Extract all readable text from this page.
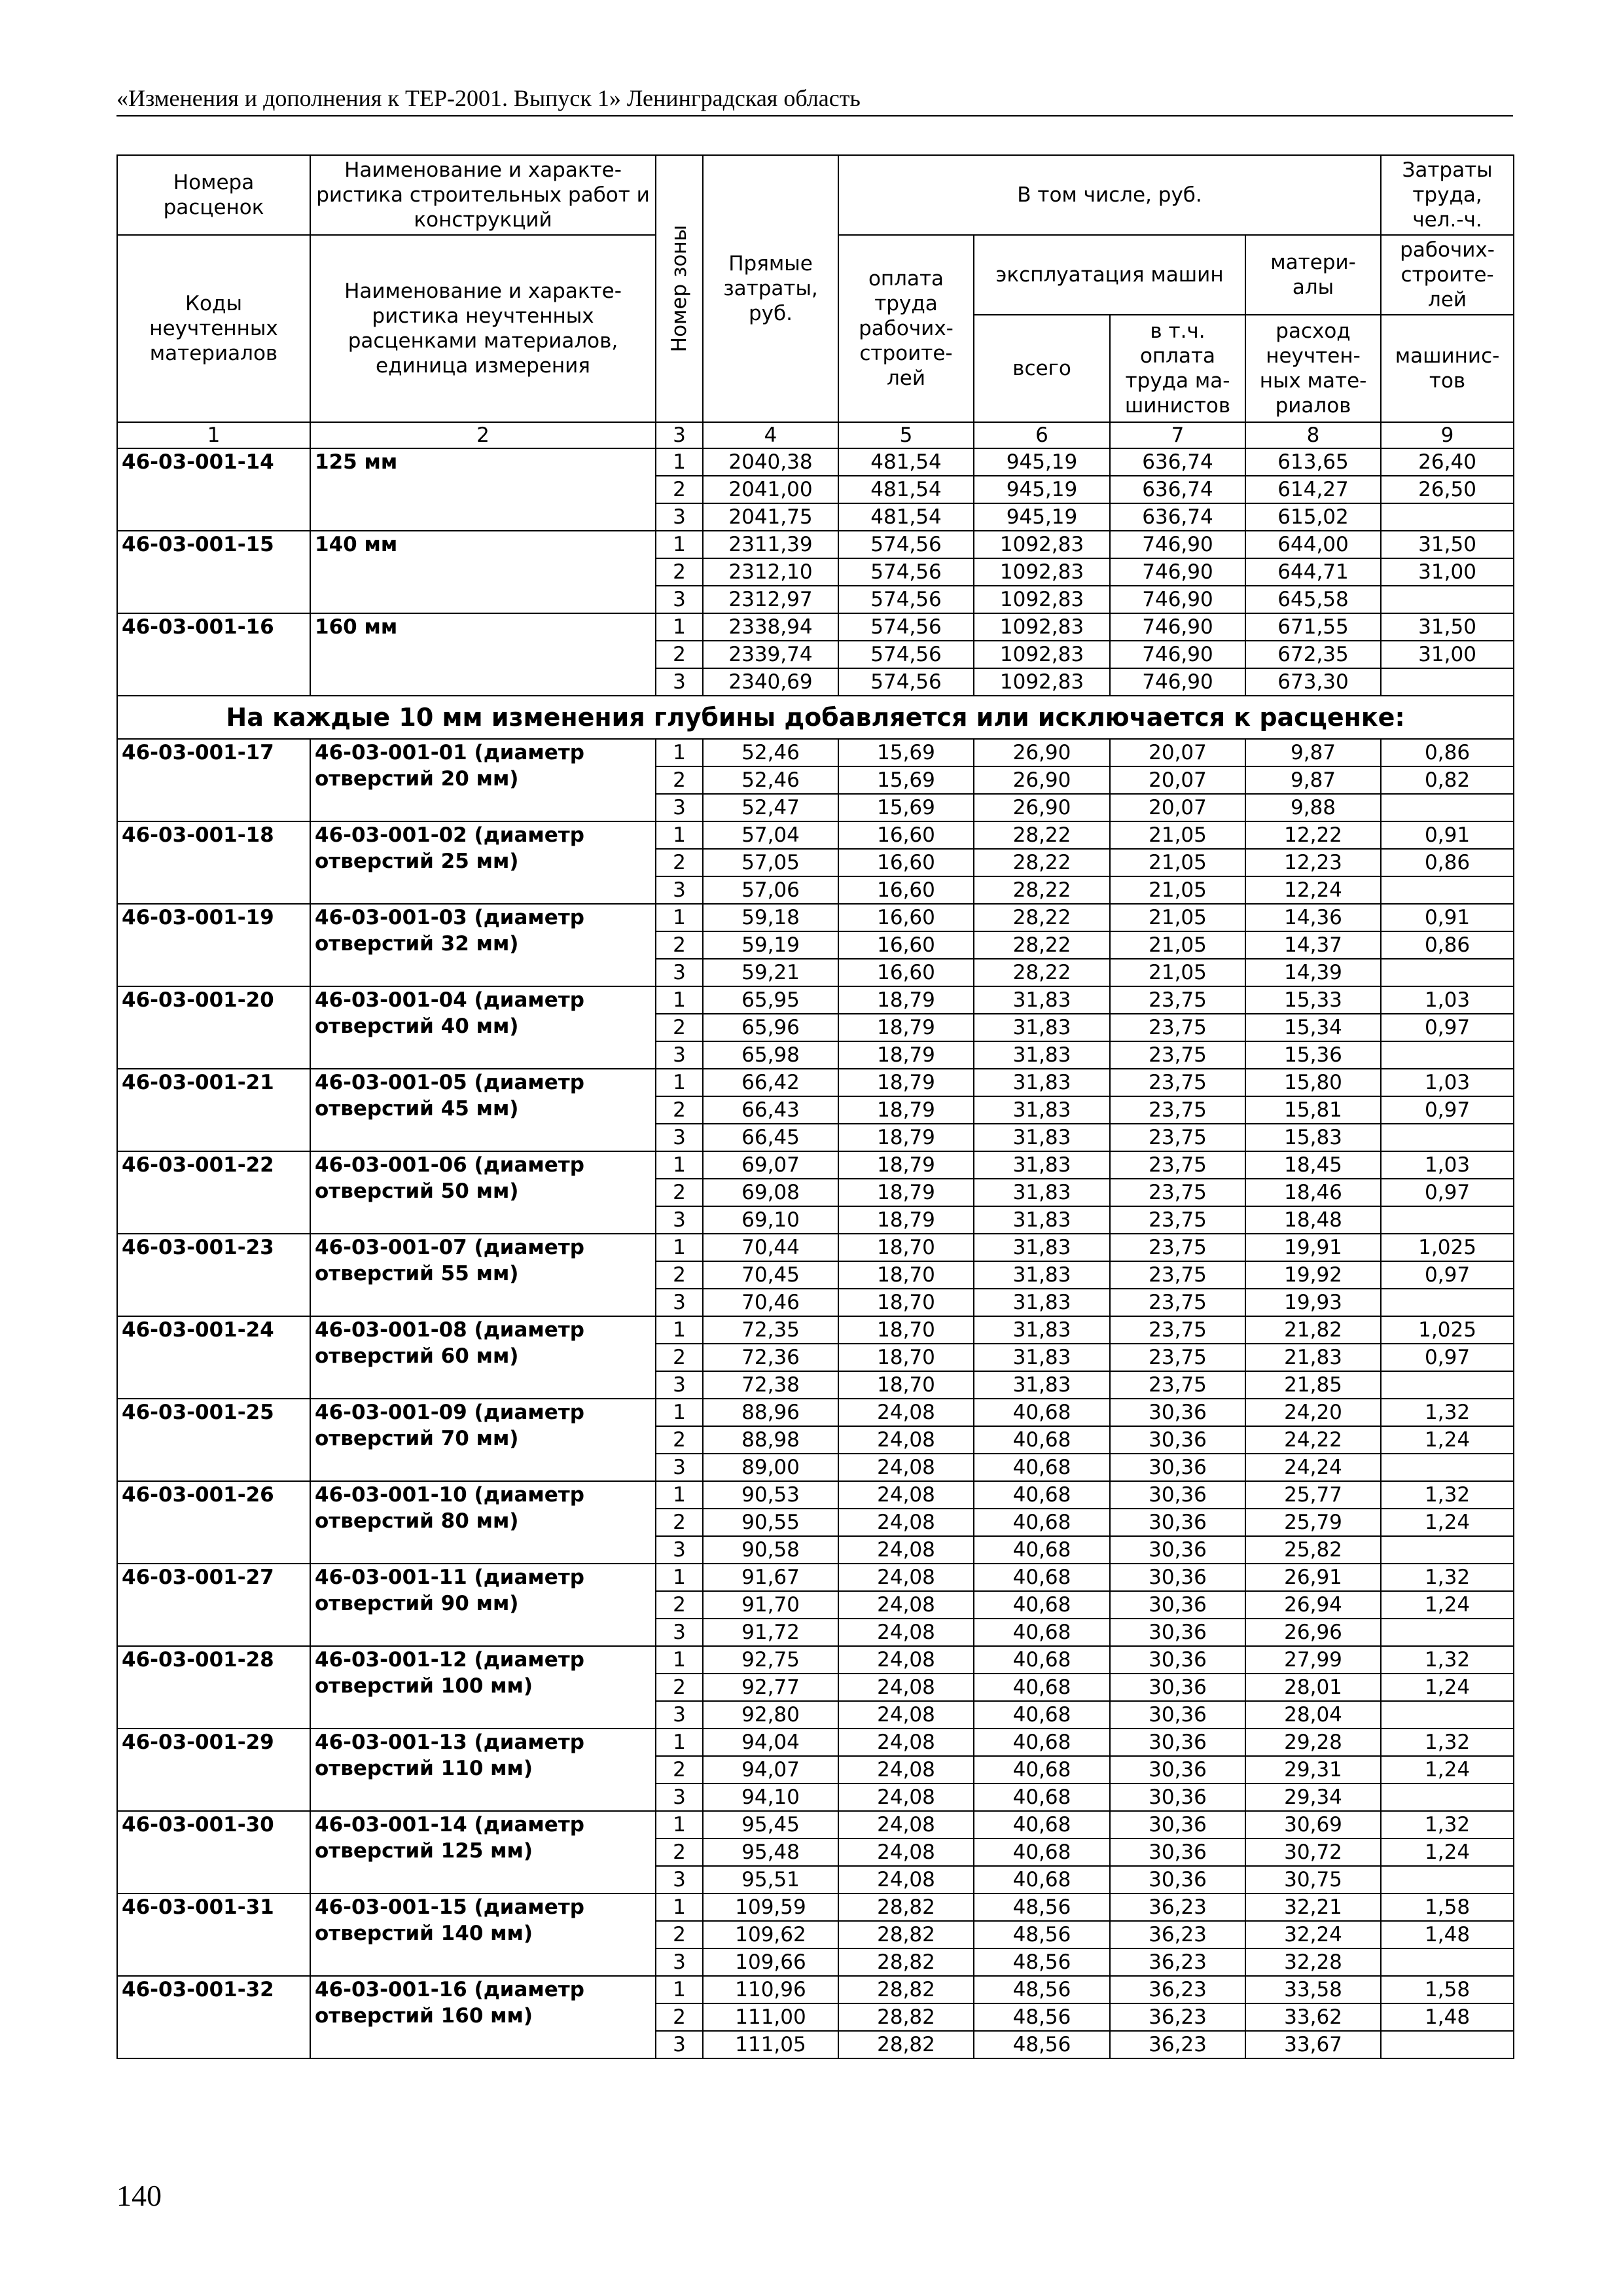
«Изменения и дополнения к ТЕР-2001. Выпуск 1» Ленинградская область
Номера расценок	Наименование и характе-ристика строительных работ и конструкций	Номер зоны	Прямые затраты, руб.	В том числе, руб.				Затраты труда, чел.-ч.
Коды неучтенных материалов	Наименование и характе-ристика неучтенных расценками материалов, единица измерения			оплата труда рабочих-строите-лей	эксплуатация машин		матери-алы	рабочих-строите-лей
					всего	в т.ч. оплата труда ма-шинистов	расход неучтен-ных мате-риалов	машинис-тов
1	2	3	4	5	6	7	8	9
46-03-001-14	125 мм	1	2040,38	481,54	945,19	636,74	613,65	26,40
		2	2041,00	481,54	945,19	636,74	614,27	26,50
		3	2041,75	481,54	945,19	636,74	615,02	
46-03-001-15	140 мм	1	2311,39	574,56	1092,83	746,90	644,00	31,50
		2	2312,10	574,56	1092,83	746,90	644,71	31,00
		3	2312,97	574,56	1092,83	746,90	645,58	
46-03-001-16	160 мм	1	2338,94	574,56	1092,83	746,90	671,55	31,50
		2	2339,74	574,56	1092,83	746,90	672,35	31,00
		3	2340,69	574,56	1092,83	746,90	673,30	
На каждые 10 мм изменения глубины добавляется или исключается к расценке:								
46-03-001-17	46-03-001-01 (диаметр отверстий 20 мм)	1	52,46	15,69	26,90	20,07	9,87	0,86
		2	52,46	15,69	26,90	20,07	9,87	0,82
		3	52,47	15,69	26,90	20,07	9,88	
46-03-001-18	46-03-001-02 (диаметр отверстий 25 мм)	1	57,04	16,60	28,22	21,05	12,22	0,91
		2	57,05	16,60	28,22	21,05	12,23	0,86
		3	57,06	16,60	28,22	21,05	12,24	
46-03-001-19	46-03-001-03 (диаметр отверстий 32 мм)	1	59,18	16,60	28,22	21,05	14,36	0,91
		2	59,19	16,60	28,22	21,05	14,37	0,86
		3	59,21	16,60	28,22	21,05	14,39	
46-03-001-20	46-03-001-04 (диаметр отверстий 40 мм)	1	65,95	18,79	31,83	23,75	15,33	1,03
		2	65,96	18,79	31,83	23,75	15,34	0,97
		3	65,98	18,79	31,83	23,75	15,36	
46-03-001-21	46-03-001-05 (диаметр отверстий 45 мм)	1	66,42	18,79	31,83	23,75	15,80	1,03
		2	66,43	18,79	31,83	23,75	15,81	0,97
		3	66,45	18,79	31,83	23,75	15,83	
46-03-001-22	46-03-001-06 (диаметр отверстий 50 мм)	1	69,07	18,79	31,83	23,75	18,45	1,03
		2	69,08	18,79	31,83	23,75	18,46	0,97
		3	69,10	18,79	31,83	23,75	18,48	
46-03-001-23	46-03-001-07 (диаметр отверстий 55 мм)	1	70,44	18,70	31,83	23,75	19,91	1,025
		2	70,45	18,70	31,83	23,75	19,92	0,97
		3	70,46	18,70	31,83	23,75	19,93	
46-03-001-24	46-03-001-08 (диаметр отверстий 60 мм)	1	72,35	18,70	31,83	23,75	21,82	1,025
		2	72,36	18,70	31,83	23,75	21,83	0,97
		3	72,38	18,70	31,83	23,75	21,85	
46-03-001-25	46-03-001-09 (диаметр отверстий 70 мм)	1	88,96	24,08	40,68	30,36	24,20	1,32
		2	88,98	24,08	40,68	30,36	24,22	1,24
		3	89,00	24,08	40,68	30,36	24,24	
46-03-001-26	46-03-001-10 (диаметр отверстий 80 мм)	1	90,53	24,08	40,68	30,36	25,77	1,32
		2	90,55	24,08	40,68	30,36	25,79	1,24
		3	90,58	24,08	40,68	30,36	25,82	
46-03-001-27	46-03-001-11 (диаметр отверстий 90 мм)	1	91,67	24,08	40,68	30,36	26,91	1,32
		2	91,70	24,08	40,68	30,36	26,94	1,24
		3	91,72	24,08	40,68	30,36	26,96	
46-03-001-28	46-03-001-12 (диаметр отверстий 100 мм)	1	92,75	24,08	40,68	30,36	27,99	1,32
		2	92,77	24,08	40,68	30,36	28,01	1,24
		3	92,80	24,08	40,68	30,36	28,04	
46-03-001-29	46-03-001-13 (диаметр отверстий 110 мм)	1	94,04	24,08	40,68	30,36	29,28	1,32
		2	94,07	24,08	40,68	30,36	29,31	1,24
		3	94,10	24,08	40,68	30,36	29,34	
46-03-001-30	46-03-001-14 (диаметр отверстий 125 мм)	1	95,45	24,08	40,68	30,36	30,69	1,32
		2	95,48	24,08	40,68	30,36	30,72	1,24
		3	95,51	24,08	40,68	30,36	30,75	
46-03-001-31	46-03-001-15 (диаметр отверстий 140 мм)	1	109,59	28,82	48,56	36,23	32,21	1,58
		2	109,62	28,82	48,56	36,23	32,24	1,48
		3	109,66	28,82	48,56	36,23	32,28	
46-03-001-32	46-03-001-16 (диаметр отверстий 160 мм)	1	110,96	28,82	48,56	36,23	33,58	1,58
		2	111,00	28,82	48,56	36,23	33,62	1,48
		3	111,05	28,82	48,56	36,23	33,67	
140
